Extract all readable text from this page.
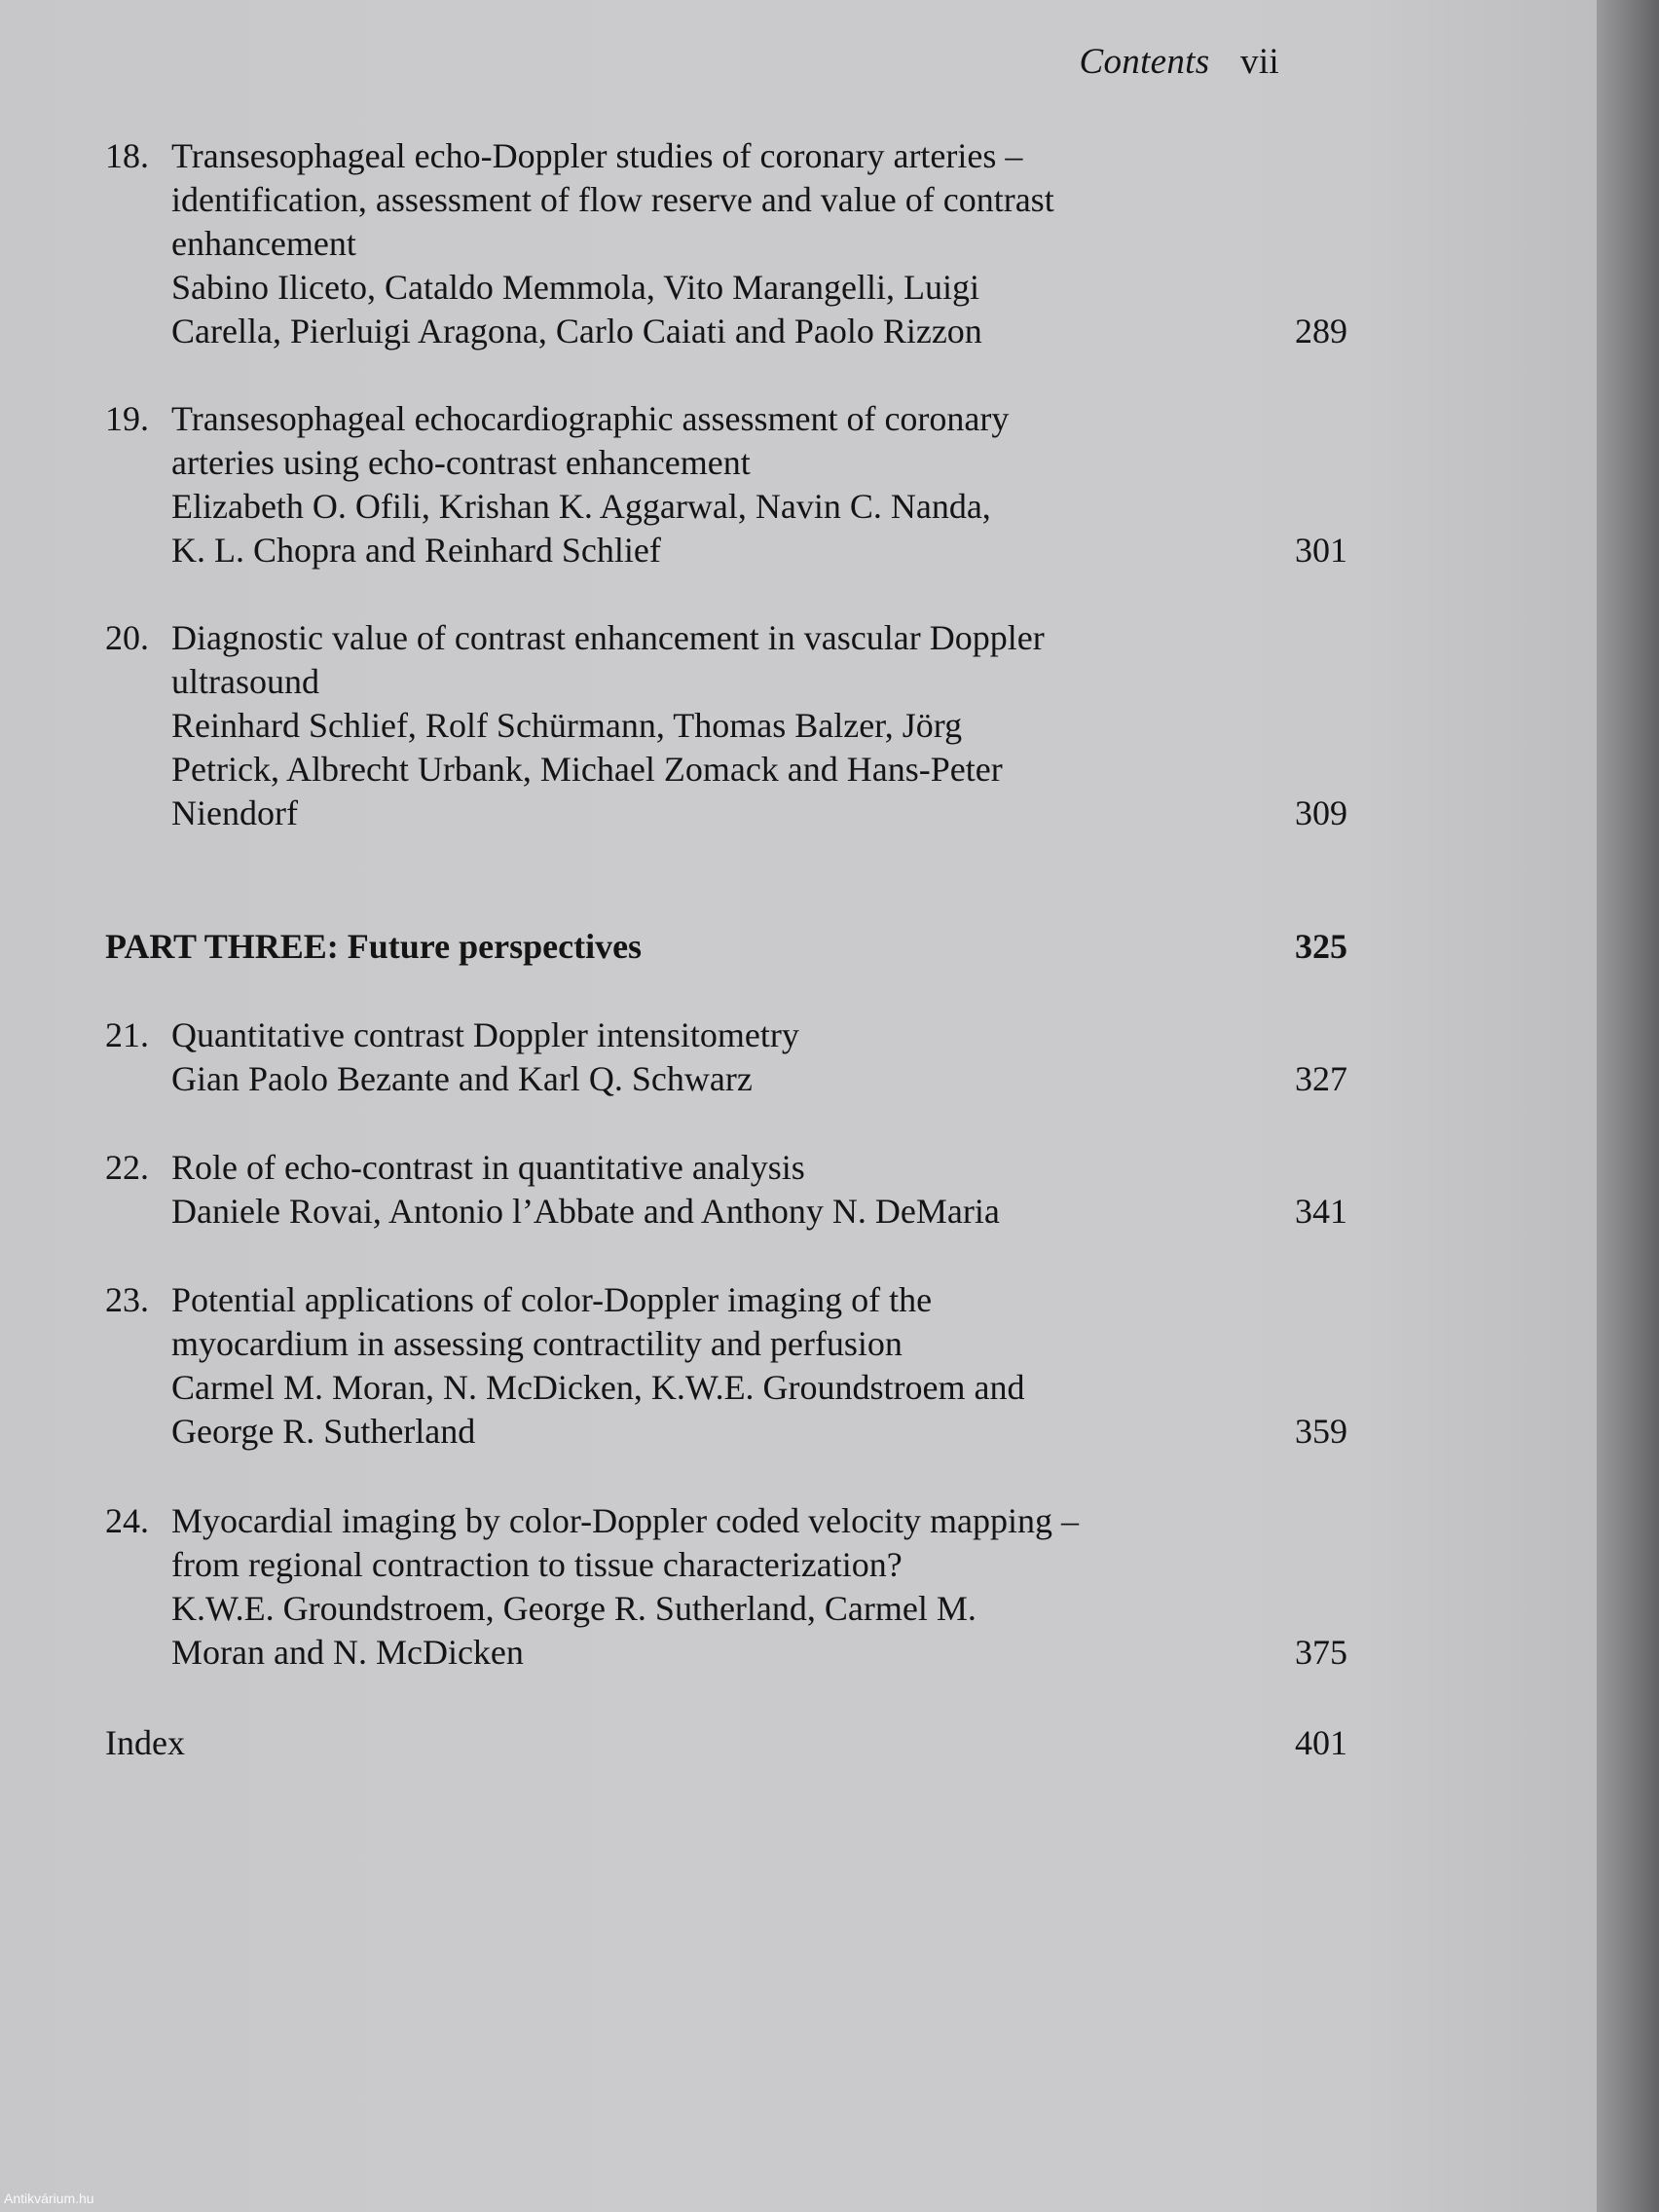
Contents vii
18. Transesophageal echo-Doppler studies of coronary arteries –
identification, assessment of flow reserve and value of contrast
enhancement
Sabino Iliceto, Cataldo Memmola, Vito Marangelli, Luigi
Carella, Pierluigi Aragona, Carlo Caiati and Paolo Rizzon	289
19. Transesophageal echocardiographic assessment of coronary
arteries using echo-contrast enhancement
Elizabeth O. Ofili, Krishan K. Aggarwal, Navin C. Nanda,
K. L. Chopra and Reinhard Schlief	301
20. Diagnostic value of contrast enhancement in vascular Doppler
ultrasound
Reinhard Schlief, Rolf Schürmann, Thomas Balzer, Jörg
Petrick, Albrecht Urbank, Michael Zomack and Hans-Peter
Niendorf	309
PART THREE: Future perspectives	325
21. Quantitative contrast Doppler intensitometry
Gian Paolo Bezante and Karl Q. Schwarz	327
22. Role of echo-contrast in quantitative analysis
Daniele Rovai, Antonio l’Abbate and Anthony N. DeMaria	341
23. Potential applications of color-Doppler imaging of the
myocardium in assessing contractility and perfusion
Carmel M. Moran, N. McDicken, K.W.E. Groundstroem and
George R. Sutherland	359
24. Myocardial imaging by color-Doppler coded velocity mapping –
from regional contraction to tissue characterization?
K.W.E. Groundstroem, George R. Sutherland, Carmel M.
Moran and N. McDicken	375
Index	401
Antikvárium.hu
